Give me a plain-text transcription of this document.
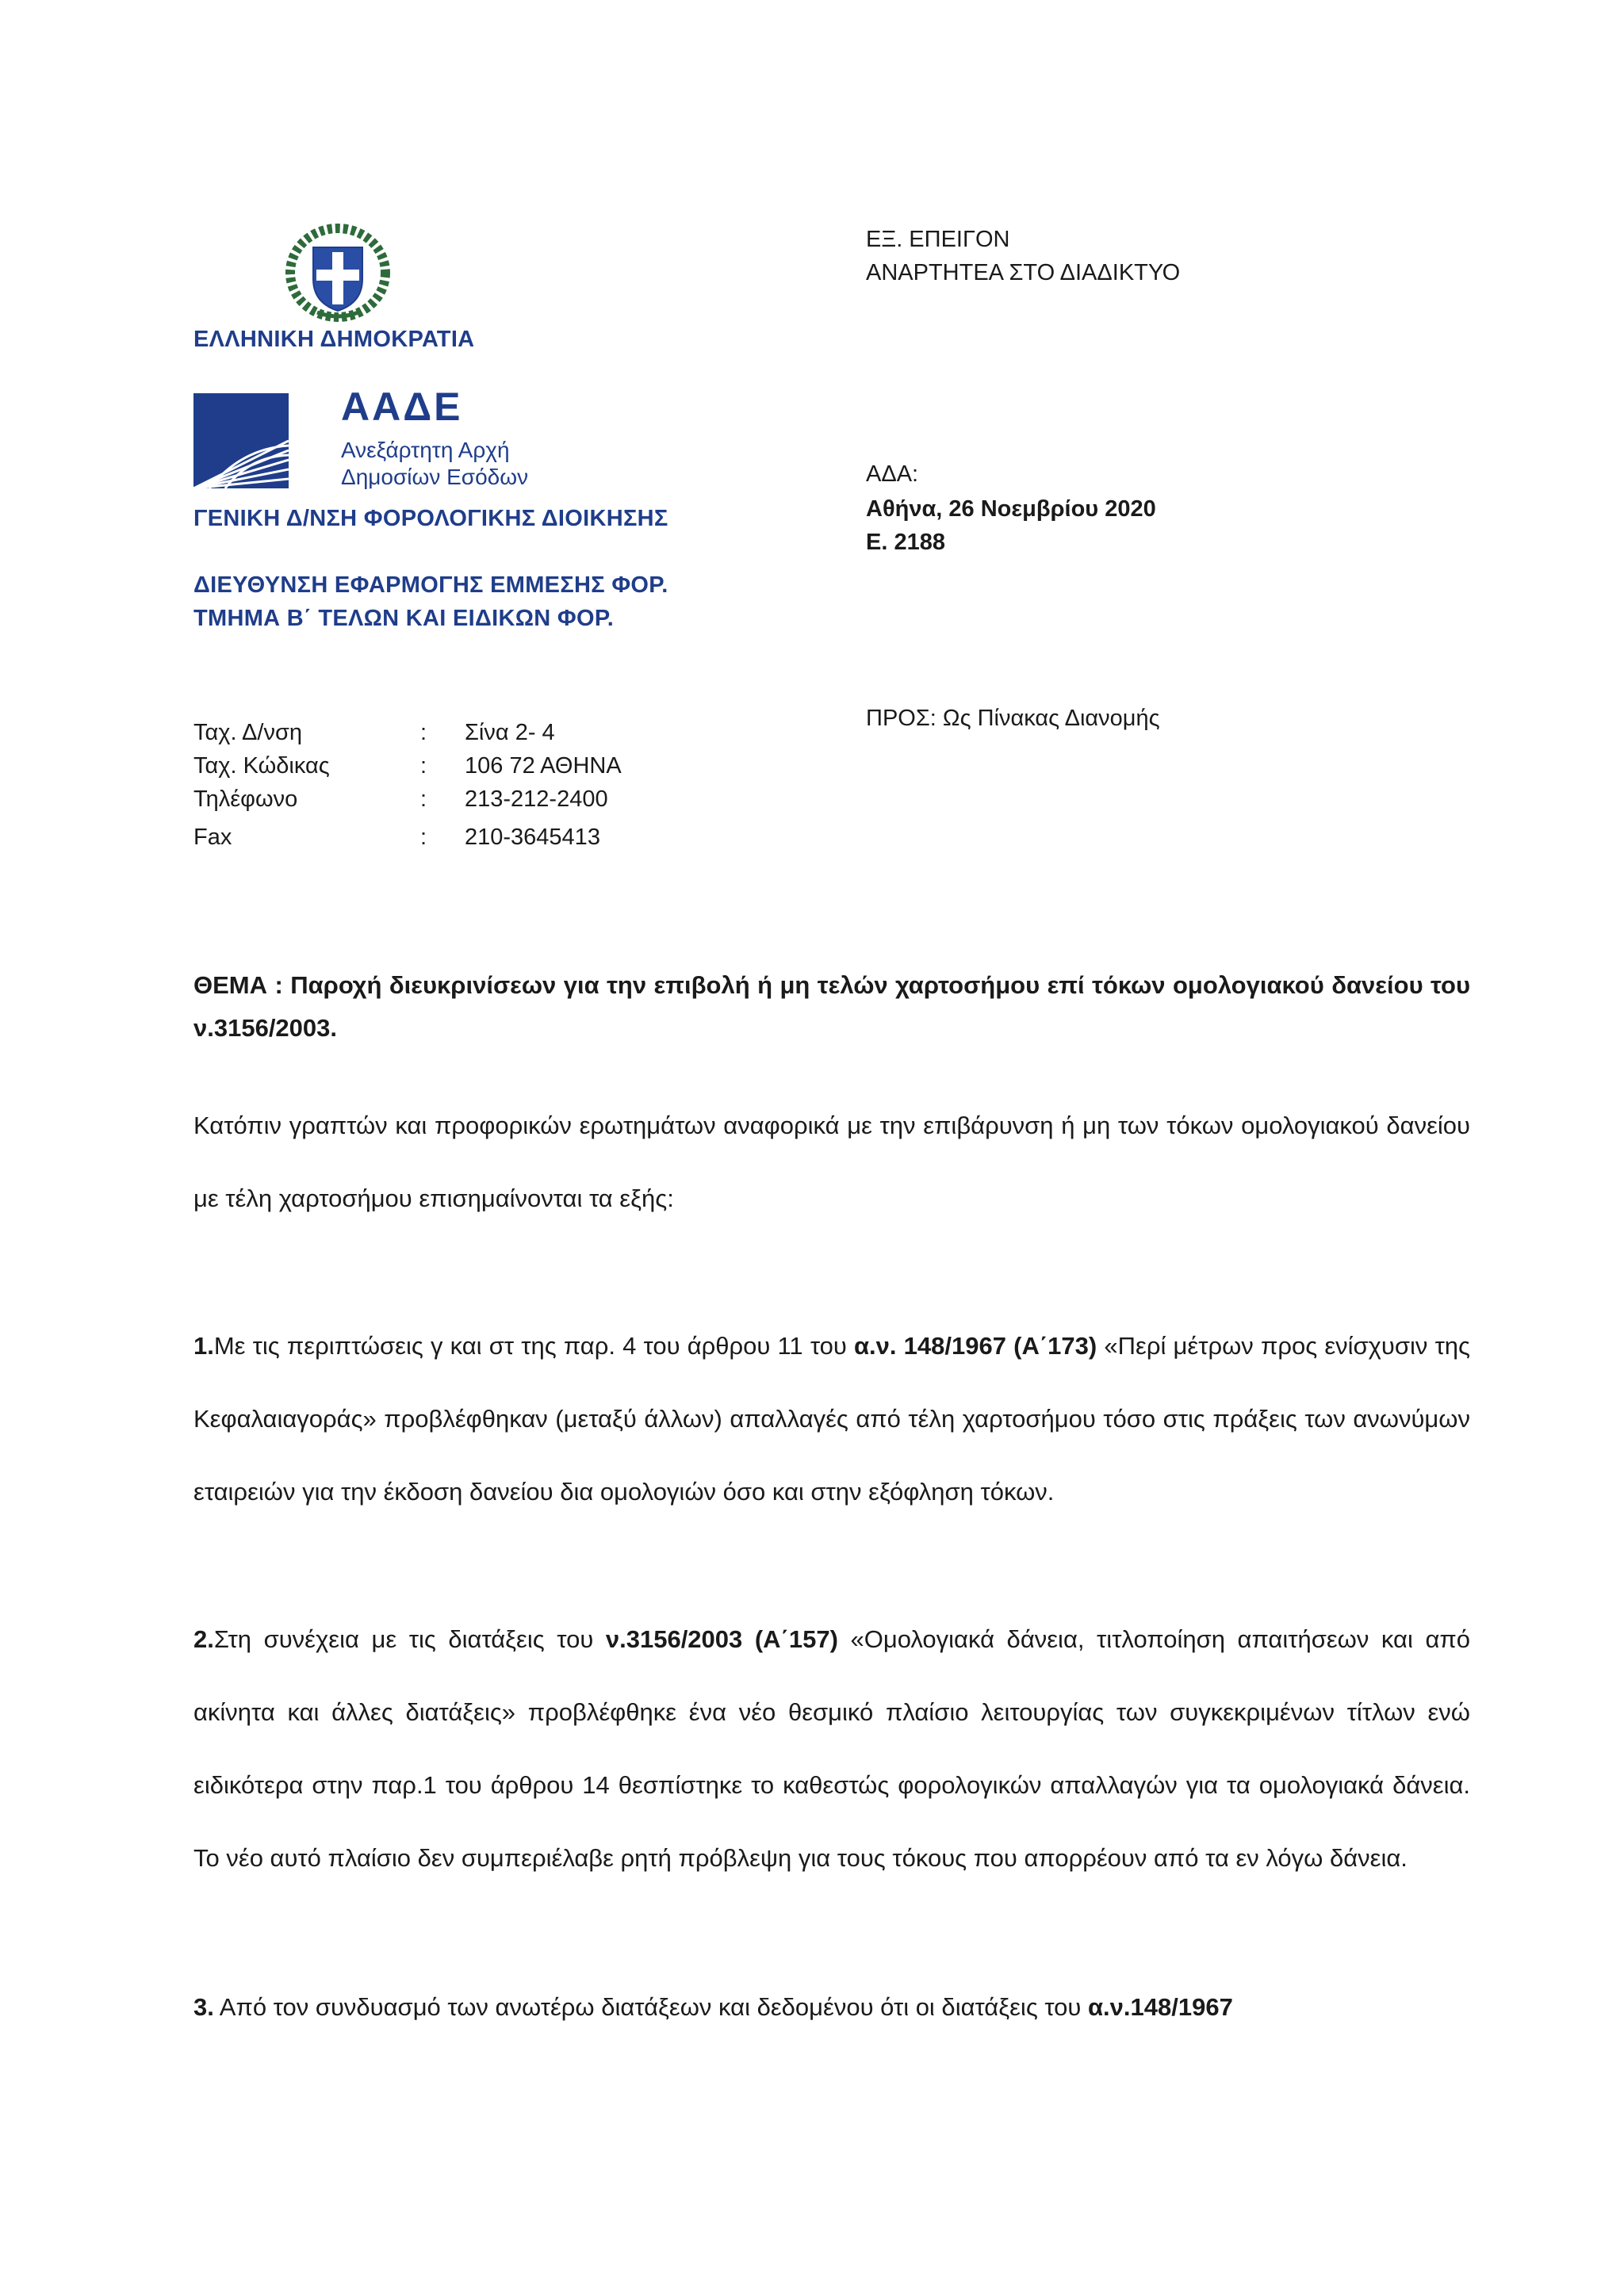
ΕΛΛΗΝΙΚΗ ΔΗΜΟΚΡΑΤΙΑ
ΑΑΔΕ
Ανεξάρτητη Αρχή
Δημοσίων Εσόδων
ΓΕΝΙΚΗ Δ/ΝΣΗ ΦΟΡΟΛΟΓΙΚΗΣ ΔΙΟΙΚΗΣΗΣ
ΔΙΕΥΘΥΝΣΗ ΕΦΑΡΜΟΓΗΣ ΕΜΜΕΣΗΣ ΦΟΡ.
ΤΜΗΜΑ Β΄ ΤΕΛΩΝ ΚΑΙ ΕΙΔΙΚΩΝ ΦΟΡ.
ΕΞ. ΕΠΕΙΓΟΝ
ΑΝΑΡΤΗΤΕΑ ΣΤΟ ΔΙΑΔΙΚΤΥΟ
ΑΔΑ:
Αθήνα, 26 Νοεμβρίου 2020
Ε. 2188
ΠΡΟΣ: Ως Πίνακας Διανομής
Ταχ. Δ/νση	: Σίνα 2- 4
Ταχ. Κώδικας	: 106 72 ΑΘΗΝΑ
Τηλέφωνο	: 213-212-2400
Fax	: 210-3645413
ΘΕΜΑ : Παροχή διευκρινίσεων για την επιβολή ή μη τελών χαρτοσήμου επί τόκων ομολογιακού δανείου του ν.3156/2003.
Κατόπιν γραπτών και προφορικών ερωτημάτων αναφορικά με την επιβάρυνση ή μη των τόκων ομολογιακού δανείου με τέλη χαρτοσήμου επισημαίνονται τα εξής:
1.Με τις περιπτώσεις γ και στ της παρ. 4 του άρθρου 11 του α.ν. 148/1967 (Α΄173) «Περί μέτρων προς ενίσχυσιν της Κεφαλαιαγοράς» προβλέφθηκαν (μεταξύ άλλων) απαλλαγές από τέλη χαρτοσήμου τόσο στις πράξεις των ανωνύμων εταιρειών για την έκδοση δανείου δια ομολογιών όσο και στην εξόφληση τόκων.
2.Στη συνέχεια με τις διατάξεις του ν.3156/2003 (Α΄157) «Ομολογιακά δάνεια, τιτλοποίηση απαιτήσεων και από ακίνητα και άλλες διατάξεις» προβλέφθηκε ένα νέο θεσμικό πλαίσιο λειτουργίας των συγκεκριμένων τίτλων ενώ ειδικότερα στην παρ.1 του άρθρου 14 θεσπίστηκε το καθεστώς φορολογικών απαλλαγών για τα ομολογιακά δάνεια. Το νέο αυτό πλαίσιο δεν συμπεριέλαβε ρητή πρόβλεψη για τους τόκους που απορρέουν από τα εν λόγω δάνεια.
3. Από τον συνδυασμό των ανωτέρω διατάξεων και δεδομένου ότι οι διατάξεις του α.ν.148/1967
